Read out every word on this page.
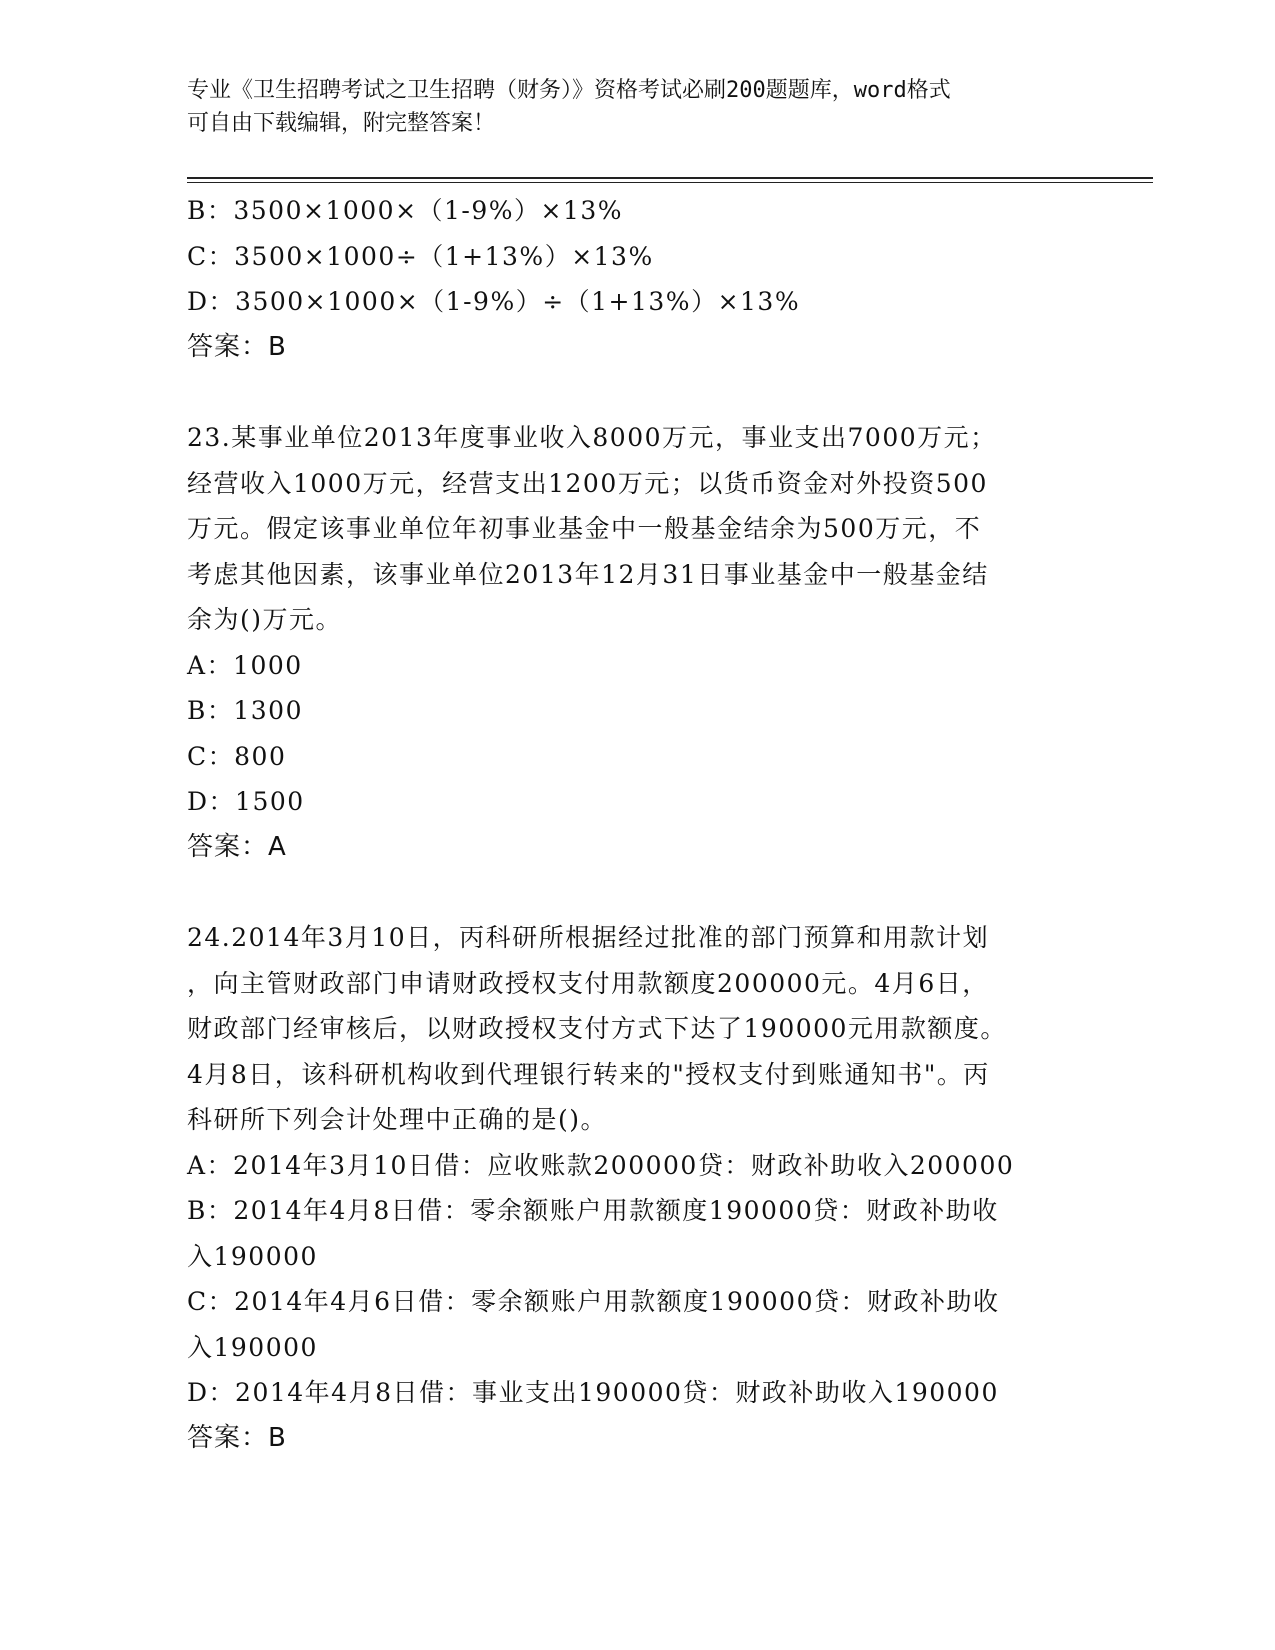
专业《卫生招聘考试之卫生招聘（财务）》资格考试必刷200题题库，word格式
可自由下载编辑，附完整答案！
B：3500×1000×（1-9%）×13%
C：3500×1000÷（1+13%）×13%
D：3500×1000×（1-9%）÷（1+13%）×13%
答案：B
23.某事业单位2013年度事业收入8000万元，事业支出7000万元；
经营收入1000万元，经营支出1200万元；以货币资金对外投资500
万元。假定该事业单位年初事业基金中一般基金结余为500万元，不
考虑其他因素，该事业单位2013年12月31日事业基金中一般基金结
余为()万元。
A：1000
B：1300
C：800
D：1500
答案：A
24.2014年3月10日，丙科研所根据经过批准的部门预算和用款计划
，向主管财政部门申请财政授权支付用款额度200000元。4月6日，
财政部门经审核后，以财政授权支付方式下达了190000元用款额度。
4月8日，该科研机构收到代理银行转来的"授权支付到账通知书"。丙
科研所下列会计处理中正确的是()。
A：2014年3月10日借：应收账款200000贷：财政补助收入200000
B：2014年4月8日借：零余额账户用款额度190000贷：财政补助收
入190000
C：2014年4月6日借：零余额账户用款额度190000贷：财政补助收
入190000
D：2014年4月8日借：事业支出190000贷：财政补助收入190000
答案：B
